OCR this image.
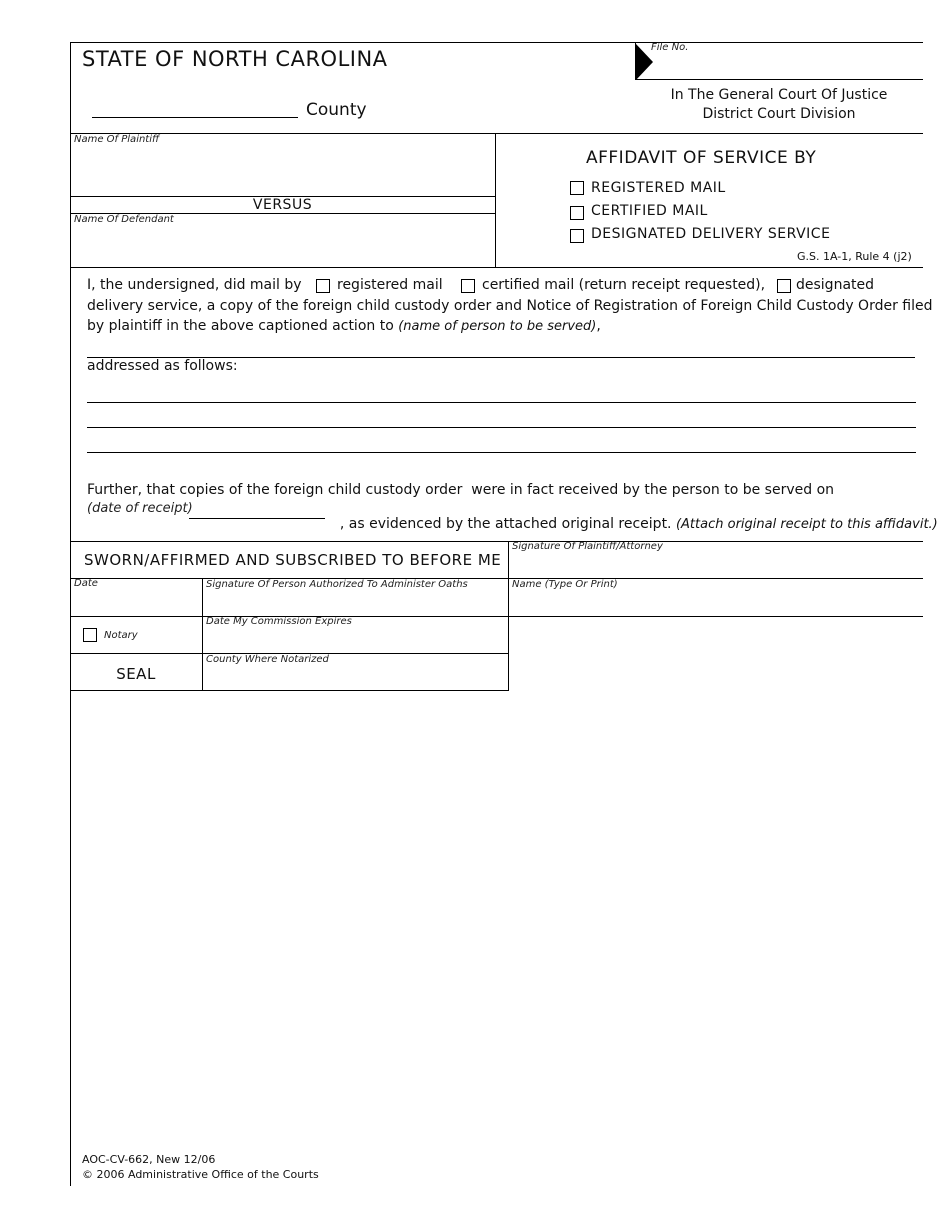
STATE OF NORTH CAROLINA
County
File No.
In The General Court Of Justice
District Court Division
Name Of Plaintiff
VERSUS
Name Of Defendant
AFFIDAVIT OF SERVICE BY
REGISTERED MAIL
CERTIFIED MAIL
DESIGNATED DELIVERY SERVICE
G.S. 1A-1, Rule 4 (j2)
I, the undersigned, did mail by	registered mail	certified mail (return receipt requested), designated
delivery service, a copy of the foreign child custody order and Notice of Registration of Foreign Child Custody Order filed
by plaintiff in the above captioned action to (name of person to be served),
addressed as follows:
Further, that copies of the foreign child custody order  were in fact received by the person to be served on
(date of receipt)

, as evidenced by the attached original receipt. (Attach original receipt to this affidavit.)

SWORN/AFFIRMED AND SUBSCRIBED TO BEFORE ME
Signature Of Plaintiff/Attorney
Date	Signature Of Person Authorized To Administer Oaths	Name (Type Or Print)
Notary
Date My Commission Expires
SEAL
County Where Notarized
AOC-CV-662, New 12/06
© 2006 Administrative Office of the Courts
